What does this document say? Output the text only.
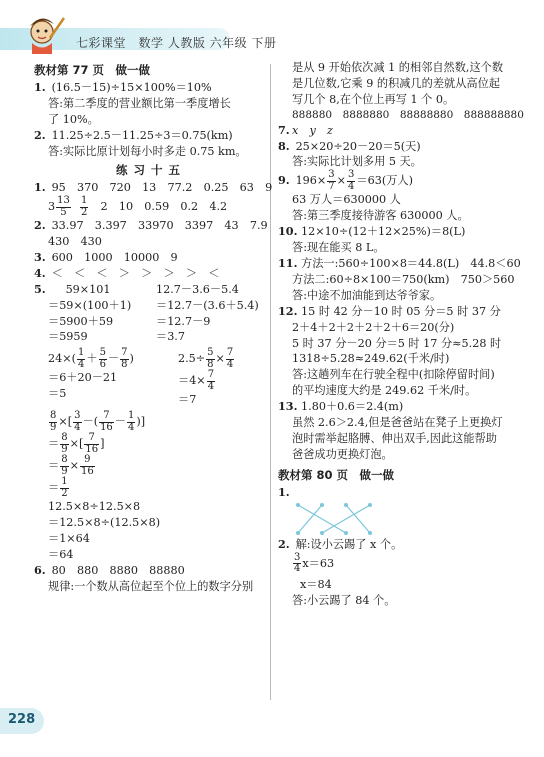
七彩课堂　数学 人教版 六年级 下册
教材第 77 页　做一做
1. (16.5－15)÷15×100%＝10%
答:第二季度的营业额比第一季度增长
了 10%。
2. 11.25÷2.5－11.25÷3＝0.75(km)
答:实际比原计划每小时多走 0.75 km。
练习十五
1. 95　370　720　13　77.2　0.25　63　9
$3 \frac{13}{5}$
$\frac{1}{2}$ 　2　10　0.59　0.2　4.2
2. 33.97　3.397　33970　3397　43　7.9
430　430
3. 600　1000　10000　9
4. ＜　＜　＜　＞　＞　＞　＞　＜
5. 59×101
＝59×(100＋1)
＝5900＋59
＝5959
12.7－3.6－5.4
＝12.7－(3.6＋5.4)
＝12.7－9
＝3.7
$24\times( \frac{1}{4} + \frac{5}{6} - \frac{7}{8}$ )
＝6＋20－21
＝5
$2.5\div \frac{5}{8} \times \frac{7}{4}$
$=4\times \frac{7}{4}$
＝7
$\frac{8}{9}$ ×[ $\frac{3}{4}$ －( $\frac{7}{16} - \frac{1}{4}$ )]
＝ $\frac{8}{9}$ ×[ $\frac{7}{16}$ ]
＝ $\frac{8}{9} \times \frac{9}{16}$
＝ $\frac{1}{2}$
12.5×8÷12.5×8
＝12.5×8÷(12.5×8)
＝1×64
＝64
6. 80　880　8880　88880
规律:一个数从高位起至个位上的数字分别
是从 9 开始依次减 1 的相邻自然数,这个数
是几位数,它乘 9 的积减几的差就从高位起
写几个 8,在个位上再写 1 个 0。
888880　8888880　88888880　888888880
7. x　y　z
8. 25×20÷20－20＝5(天)
答:实际比计划多用 5 天。
9. $196\times \frac{3}{7} \times \frac{3}{4} =63$(万人)
63 万人＝630000 人
答:第三季度接待游客 630000 人。
10. 12×10÷(12＋12×25%)＝8(L)
答:现在能买 8 L。
11. 方法一:560÷100×8＝44.8(L)　44.8＜60
方法二:60÷8×100＝750(km)　750＞560
答:中途不加油能到达爷爷家。
12. 15 时 42 分－10 时 05 分＝5 时 37 分
2＋4＋2＋2＋2＋2＋6＝20(分)
5 时 37 分－20 分＝5 时 17 分≈5.28 时
1318÷5.28≈249.62(千米/时)
答:这趟列车在行驶全程中(扣除停留时间)
的平均速度大约是 249.62 千米/时。
13. 1.80＋0.6＝2.4(m)
虽然 2.6＞2.4,但是爸爸站在凳子上更换灯
泡时需举起胳膊、伸出双手,因此这能帮助
爸爸成功更换灯泡。
教材第 80 页　做一做
1.
2. 解:设小云踢了 x 个。
$\frac{3}{4} x=63$
x＝84
答:小云踢了 84 个。
228
